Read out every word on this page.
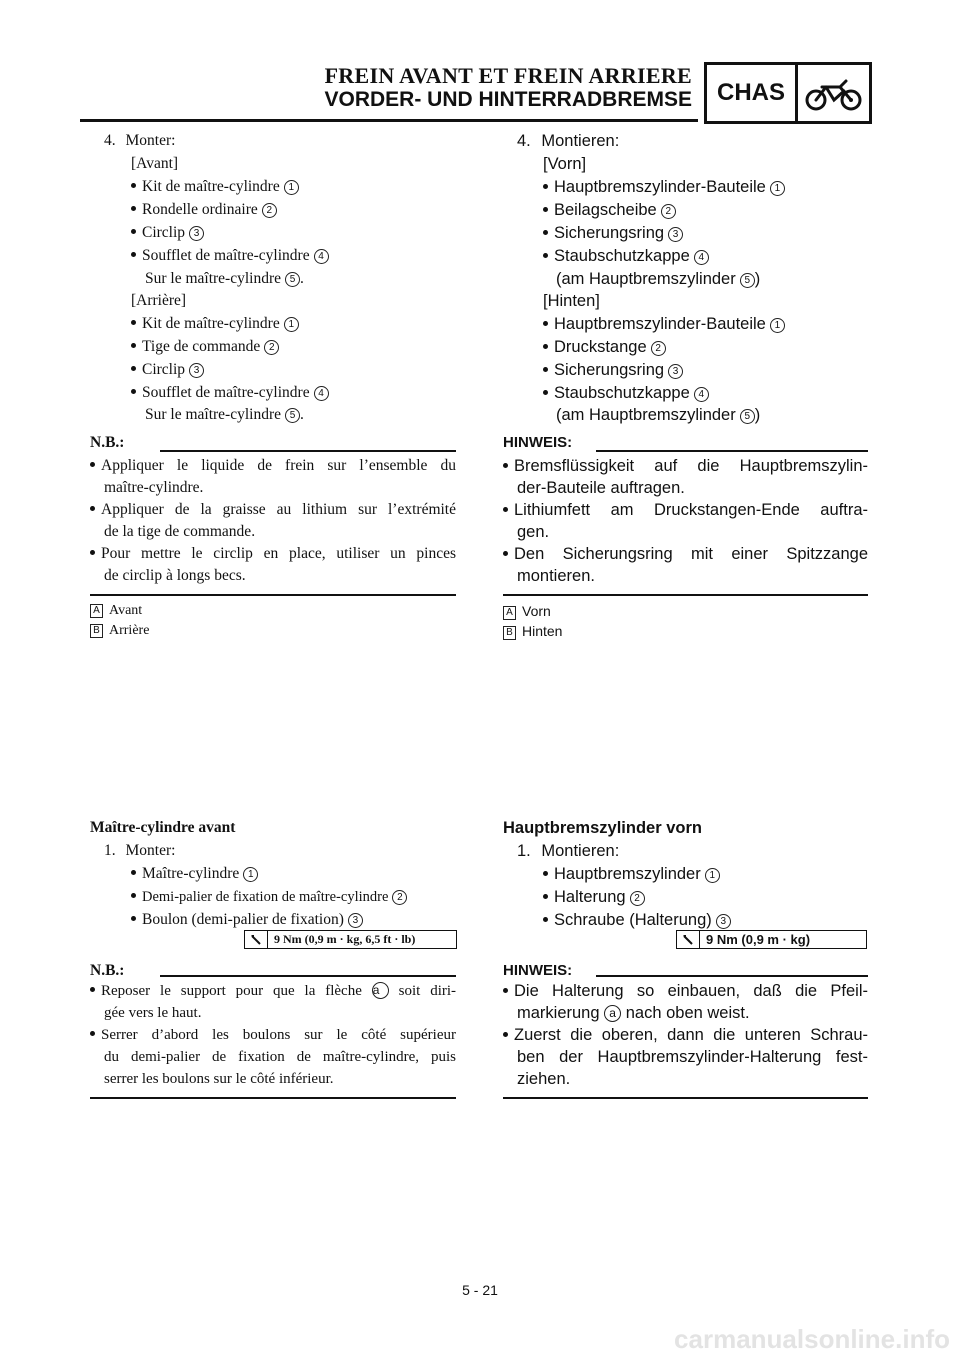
FREIN AVANT ET FREIN ARRIERE
VORDER- UND HINTERRADBREMSE	CHAS
4. Monter:
[Avant]
Kit de maître-cylindre 1
Rondelle ordinaire 2
Circlip 3
Soufflet de maître-cylindre 4
Sur le maître-cylindre 5 .
[Arrière]
Kit de maître-cylindre 1
Tige de commande 2
Circlip 3
Soufflet de maître-cylindre 4
Sur le maître-cylindre 5 .
N.B.:
Appliquer le liquide de frein sur l’ensemble du
maître-cylindre.
Appliquer de la graisse au lithium sur l’extrémité
de la tige de commande.
Pour mettre le circlip en place, utiliser un pinces
de circlip à longs becs.
A Avant
B Arrière
4. Montieren:
[Vorn]
Hauptbremszylinder-Bauteile 1
Beilagscheibe 2
Sicherungsring 3
Staubschutzkappe 4
(am Hauptbremszylinder 5 )
[Hinten]
Hauptbremszylinder-Bauteile 1
Druckstange 2
Sicherungsring 3
Staubschutzkappe 4
(am Hauptbremszylinder 5 )
HINWEIS:
Bremsflüssigkeit auf die Hauptbremszylin-
der-Bauteile auftragen.
Lithiumfett am Druckstangen-Ende auftra-
gen.
Den Sicherungsring mit einer Spitzzange
montieren.
A Vorn
B Hinten
Maître-cylindre avant
1. Monter:
Maître-cylindre 1
Demi-palier de fixation de maître-cylindre 2
Boulon (demi-palier de fixation) 3
9 Nm (0,9 m · kg, 6,5 ft · lb)
N.B.:
Reposer le support pour que la flèche a soit diri-
gée vers le haut.
Serrer d’abord les boulons sur le côté supérieur
du demi-palier de fixation de maître-cylindre, puis
serrer les boulons sur le côté inférieur.
Hauptbremszylinder vorn
1. Montieren:
Hauptbremszylinder 1
Halterung 2
Schraube (Halterung) 3
9 Nm (0,9 m · kg)
HINWEIS:
Die Halterung so einbauen, daß die Pfeil-
markierung a nach oben weist.
Zuerst die oberen, dann die unteren Schrau-
ben der Hauptbremszylinder-Halterung fest-
ziehen.
5 - 21
carmanualsonline.info
